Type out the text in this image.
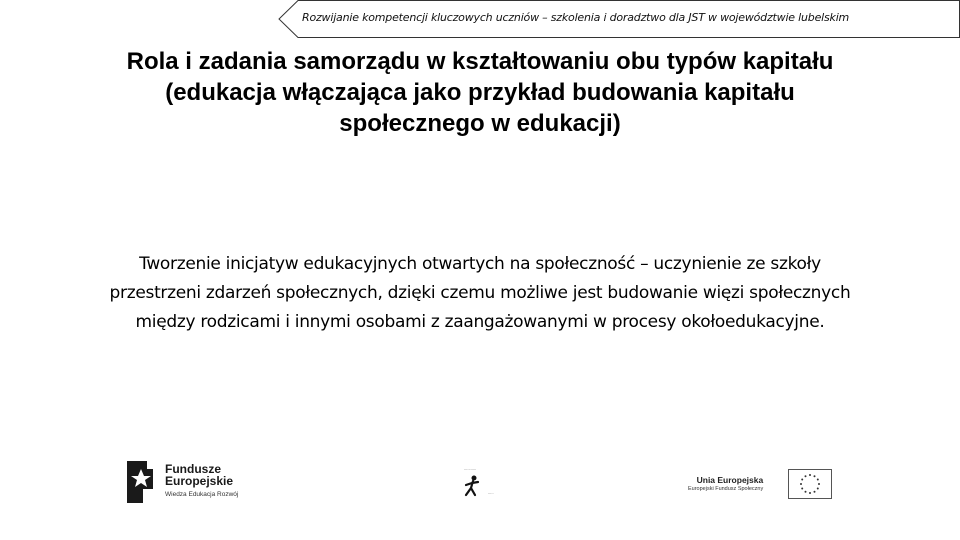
Rozwijanie kompetencji kluczowych uczniów – szkolenia i doradztwo dla JST w województwie lubelskim
Rola i zadania samorządu w kształtowaniu obu typów kapitału
(edukacja włączająca jako przykład budowania kapitału
społecznego w edukacji)

Tworzenie inicjatyw edukacyjnych otwartych na społeczność – uczynienie ze szkoły
przestrzeni zdarzeń społecznych, dzięki czemu możliwe jest budowanie więzi społecznych
między rodzicami i innymi osobami z zaangażowanymi w procesy okołoedukacyjne.

Fundusze
Europejskie
Wiedza Edukacja Rozwój
...........
.....
Unia Europejska
Europejski Fundusz Społeczny
